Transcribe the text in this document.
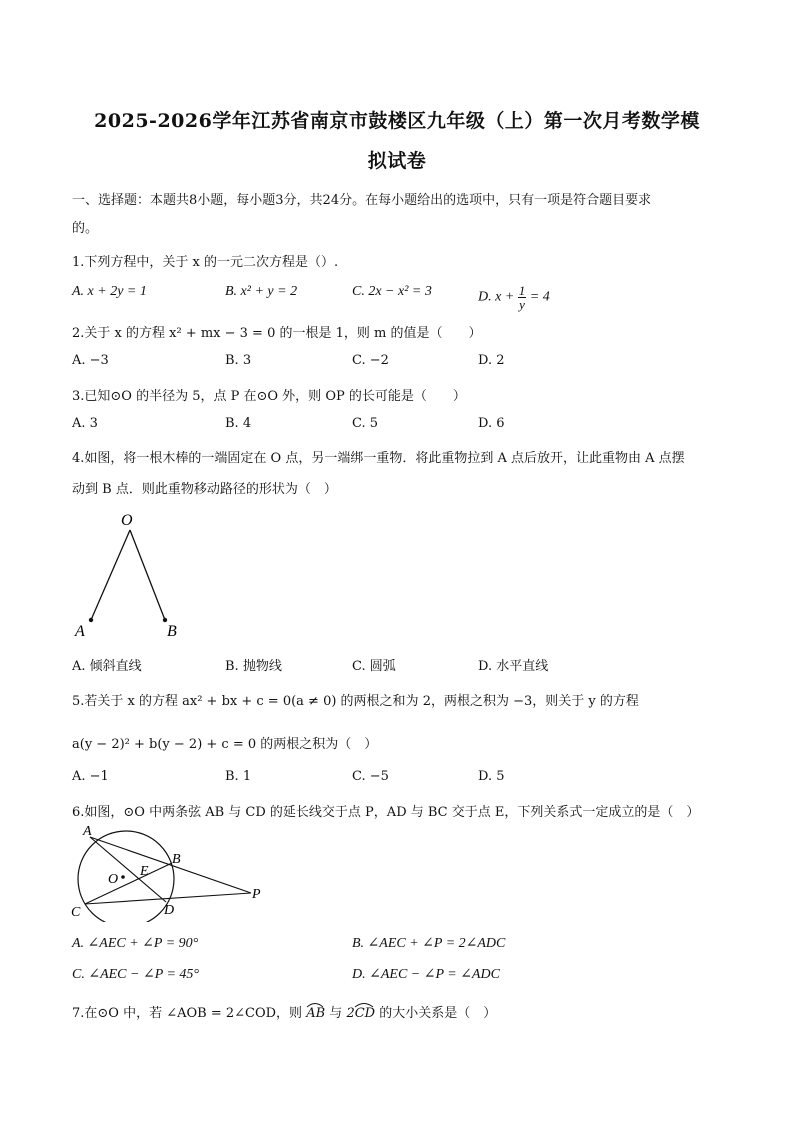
2025-2026学年江苏省南京市鼓楼区九年级（上）第一次月考数学模
拟试卷
一、选择题：本题共8小题，每小题3分，共24分。在每小题给出的选项中，只有一项是符合题目要求
的。
1.下列方程中，关于 x 的一元二次方程是（）.
A. x + 2y = 1	B. x² + y = 2	C. 2x − x² = 3	D. $x + \frac{1}{y} = 4$
2.关于 x 的方程 x² + mx − 3 = 0 的一根是 1，则 m 的值是（　　）
A. −3	B. 3	C. −2	D. 2
3.已知⊙O 的半径为 5，点 P 在⊙O 外，则 OP 的长可能是（　　）
A. 3	B. 4	C. 5	D. 6
4.如图，将一根木棒的一端固定在 O 点，另一端绑一重物．将此重物拉到 A 点后放开，让此重物由 A 点摆
动到 B 点．则此重物移动路径的形状为（　）
O
A	B
A. 倾斜直线	B. 抛物线	C. 圆弧	D. 水平直线
5.若关于 x 的方程 ax² + bx + c = 0(a ≠ 0) 的两根之和为 2，两根之积为 −3，则关于 y 的方程
a(y − 2)² + b(y − 2) + c = 0 的两根之积为（　）
A. −1	B. 1	C. −5	D. 5
6.如图，⊙O 中两条弦 AB 与 CD 的延长线交于点 P，AD 与 BC 交于点 E，下列关系式一定成立的是（　）
A
B
E
O
C	D
P
A. ∠AEC + ∠P = 90°	B. ∠AEC + ∠P = 2∠ADC
C. ∠AEC − ∠P = 45°	D. ∠AEC − ∠P = ∠ADC
7.在⊙O 中，若 ∠AOB = 2∠COD，则 AB 与 2CD 的大小关系是（　）
